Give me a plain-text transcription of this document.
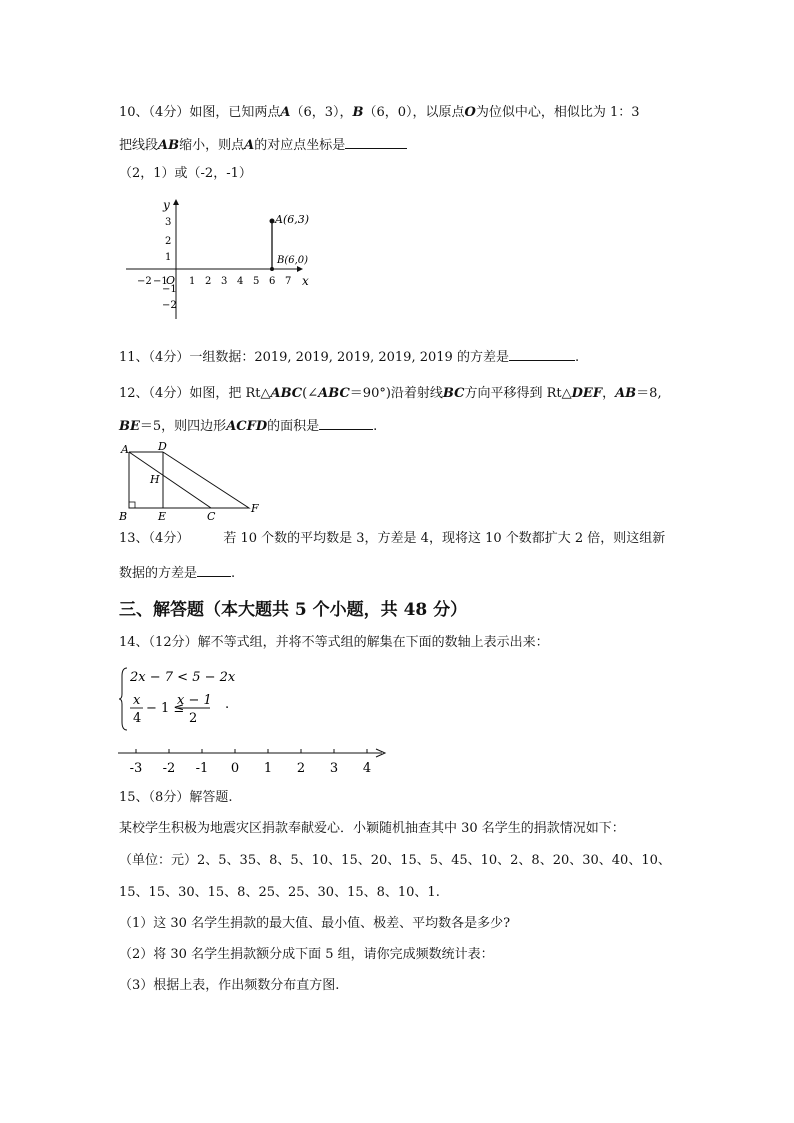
10、（4分）如图，已知两点A（6，3），B（6，0），以原点O为位似中心，相似比为 1：3
把线段AB缩小，则点A的对应点坐标是
（2，1）或（-2，-1）
y
x
O
−2 −1 1 2 3 4 5 6 7
3
2
1
−1
−2
A(6,3)
B(6,0)
11、（4分）一组数据：2019, 2019, 2019, 2019, 2019 的方差是	.
12、（4分）如图，把 Rt△ABC(∠ABC＝90°)沿着射线BC方向平移得到 Rt△DEF，AB＝8,
BE＝5，则四边形ACFD的面积是	.
A	D
H
B	E	C
F
13、（4分）	若 10 个数的平均数是 3，方差是 4，现将这 10 个数都扩大 2 倍，则这组新
数据的方差是	.
三、解答题（本大题共 5 个小题，共 48 分）
14、（12分）解不等式组，并将不等式组的解集在下面的数轴上表示出来：
2x − 7 < 5 − 2x
x
4
− 1 ≤
x − 1
2
.
-3 -2 -1 0 1 2 3 4
15、（8分）解答题.
某校学生积极为地震灾区捐款奉献爱心．小颖随机抽查其中 30 名学生的捐款情况如下：
（单位：元）2、5、35、8、5、10、15、20、15、5、45、10、2、8、20、30、40、10、
15、15、30、15、8、25、25、30、15、8、10、1.
（1）这 30 名学生捐款的最大值、最小值、极差、平均数各是多少?
（2）将 30 名学生捐款额分成下面 5 组，请你完成频数统计表：
（3）根据上表，作出频数分布直方图.
